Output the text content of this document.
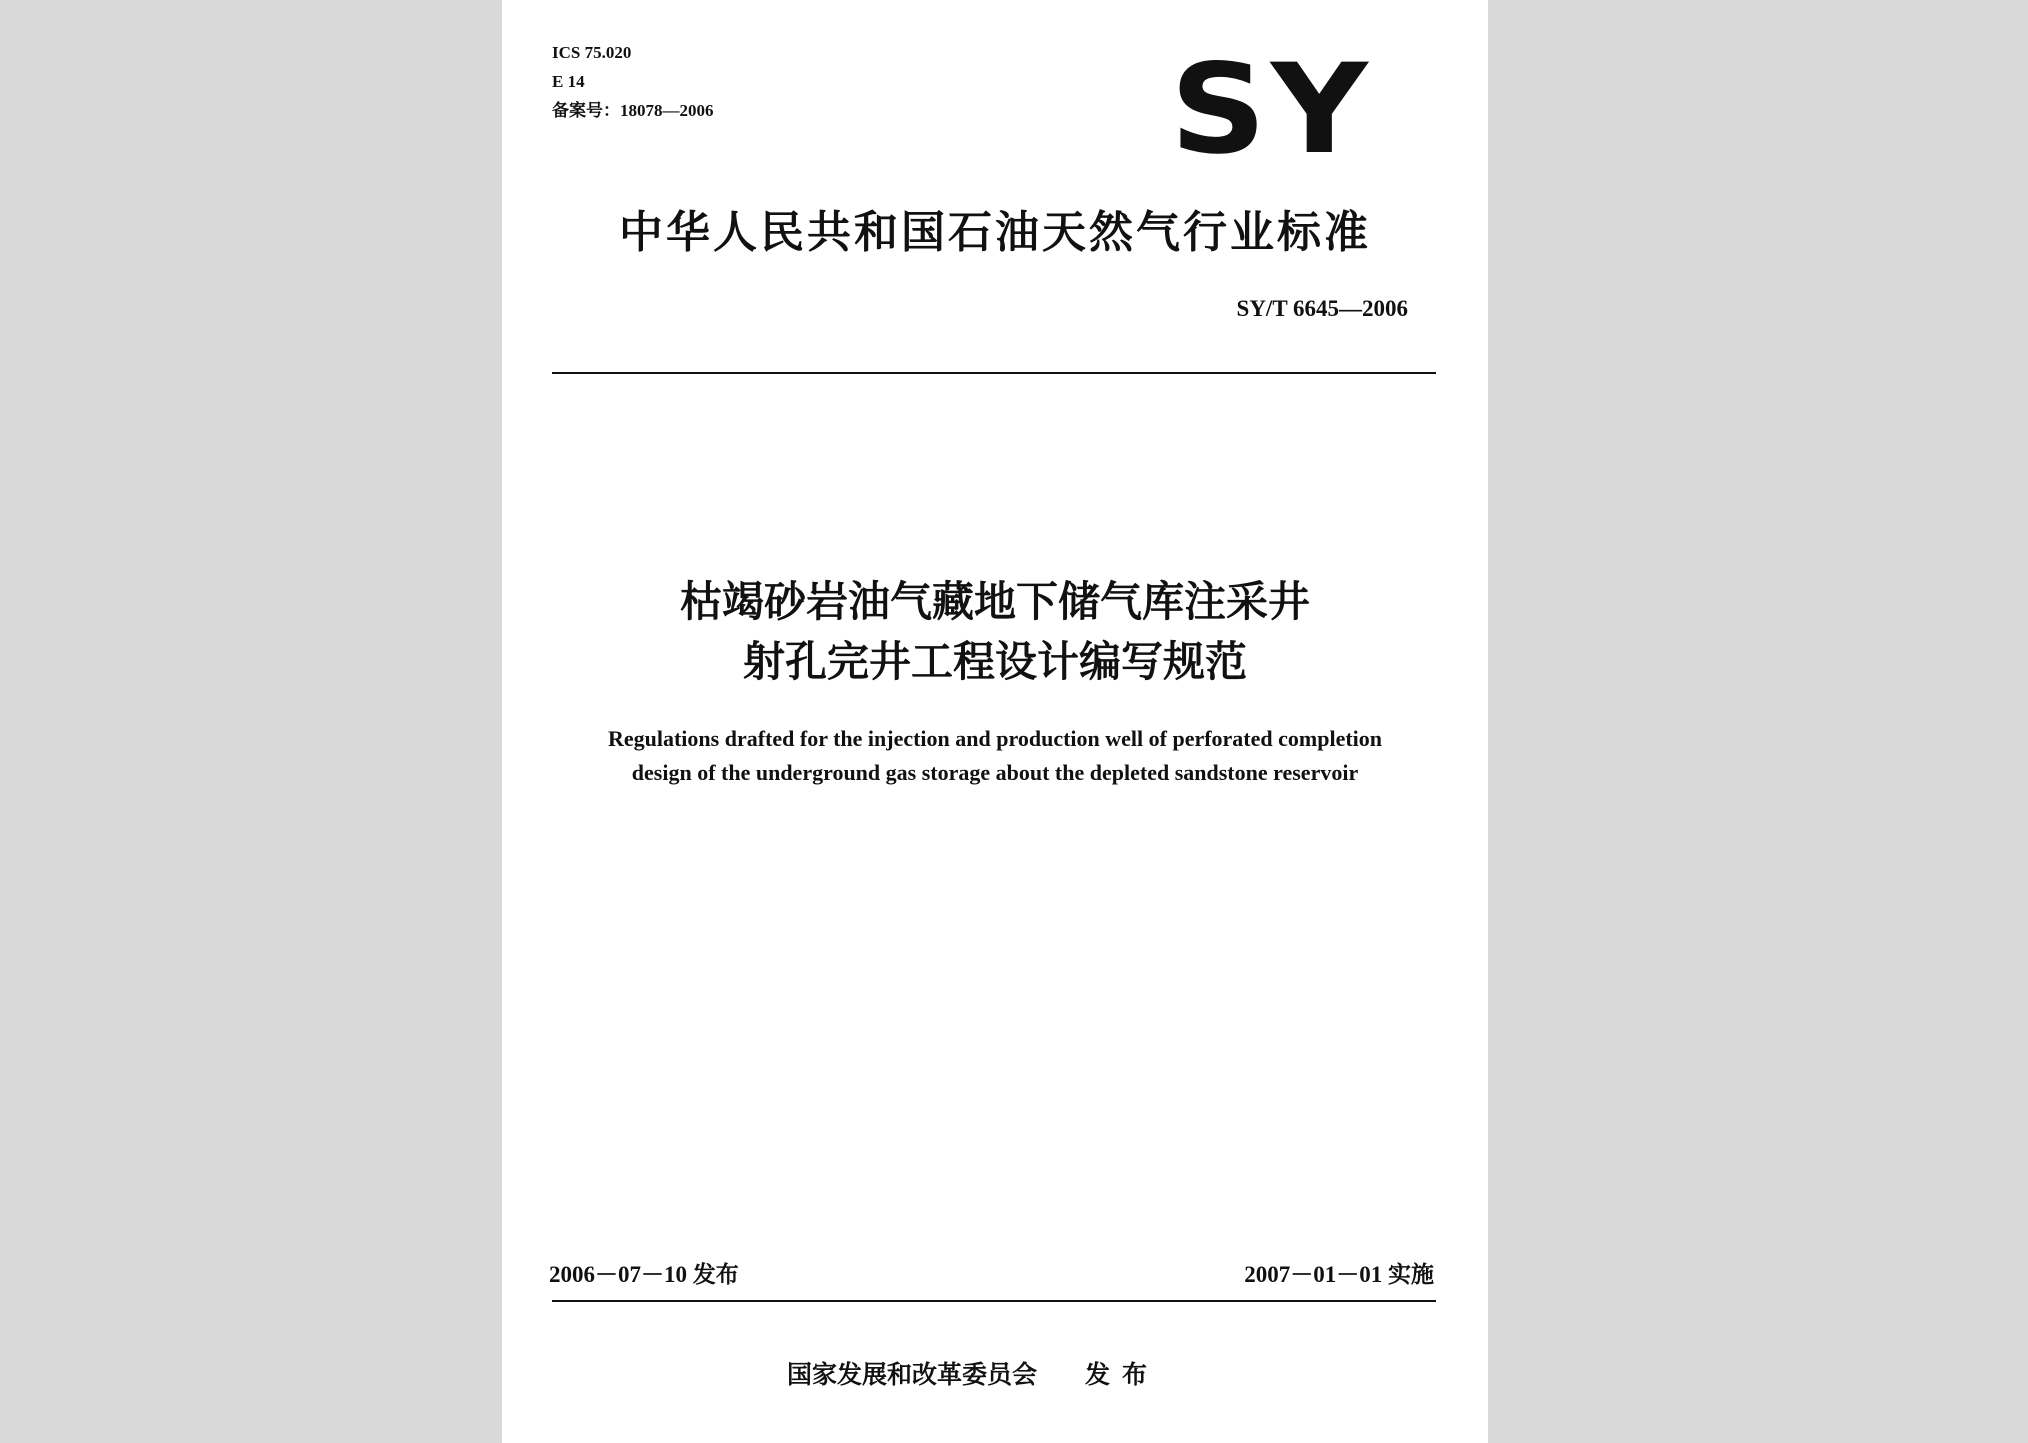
ICS 75.020
E 14
备案号：18078—2006	SY
中华人民共和国石油天然气行业标准
SY/T 6645—2006
枯竭砂岩油气藏地下储气库注采井
射孔完井工程设计编写规范
Regulations drafted for the injection and production well of perforated completion
design of the underground gas storage about the depleted sandstone reservoir
2006－07－10 发布	2007－01－01 实施
国家发展和改革委员会 发布
